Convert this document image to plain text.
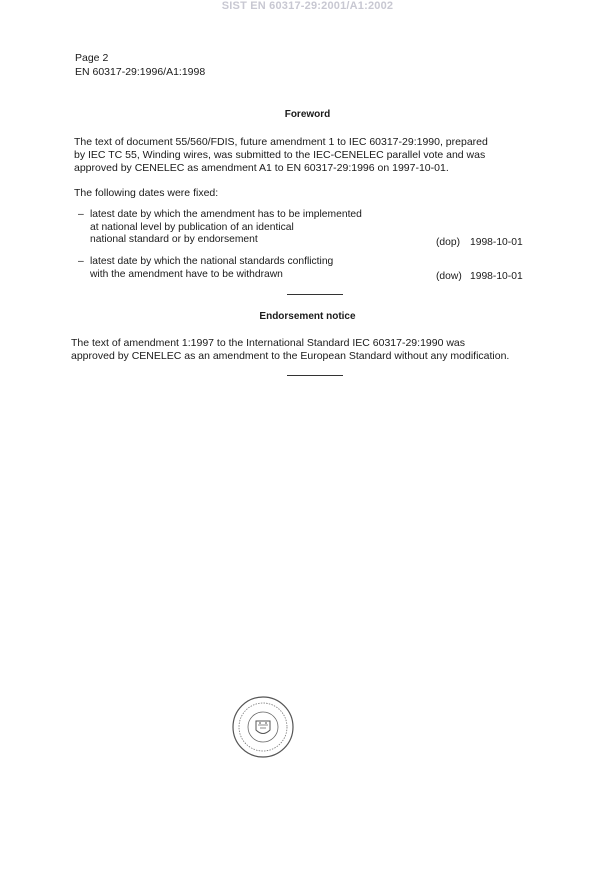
SIST EN 60317-29:2001/A1:2002
Page 2
EN 60317-29:1996/A1:1998
Foreword
The text of document 55/560/FDIS, future amendment 1 to IEC 60317-29:1990, prepared
by IEC TC 55, Winding wires, was submitted to the IEC-CENELEC parallel vote and was
approved by CENELEC as amendment A1 to EN 60317-29:1996 on 1997-10-01.
The following dates were fixed:
– latest date by which the amendment has to be implemented
at national level by publication of an identical
national standard or by endorsement	(dop) 1998-10-01
– latest date by which the national standards conflicting
with the amendment have to be withdrawn	(dow) 1998-10-01
Endorsement notice
The text of amendment 1:1997 to the International Standard IEC 60317-29:1990 was
approved by CENELEC as an amendment to the European Standard without any modification.
